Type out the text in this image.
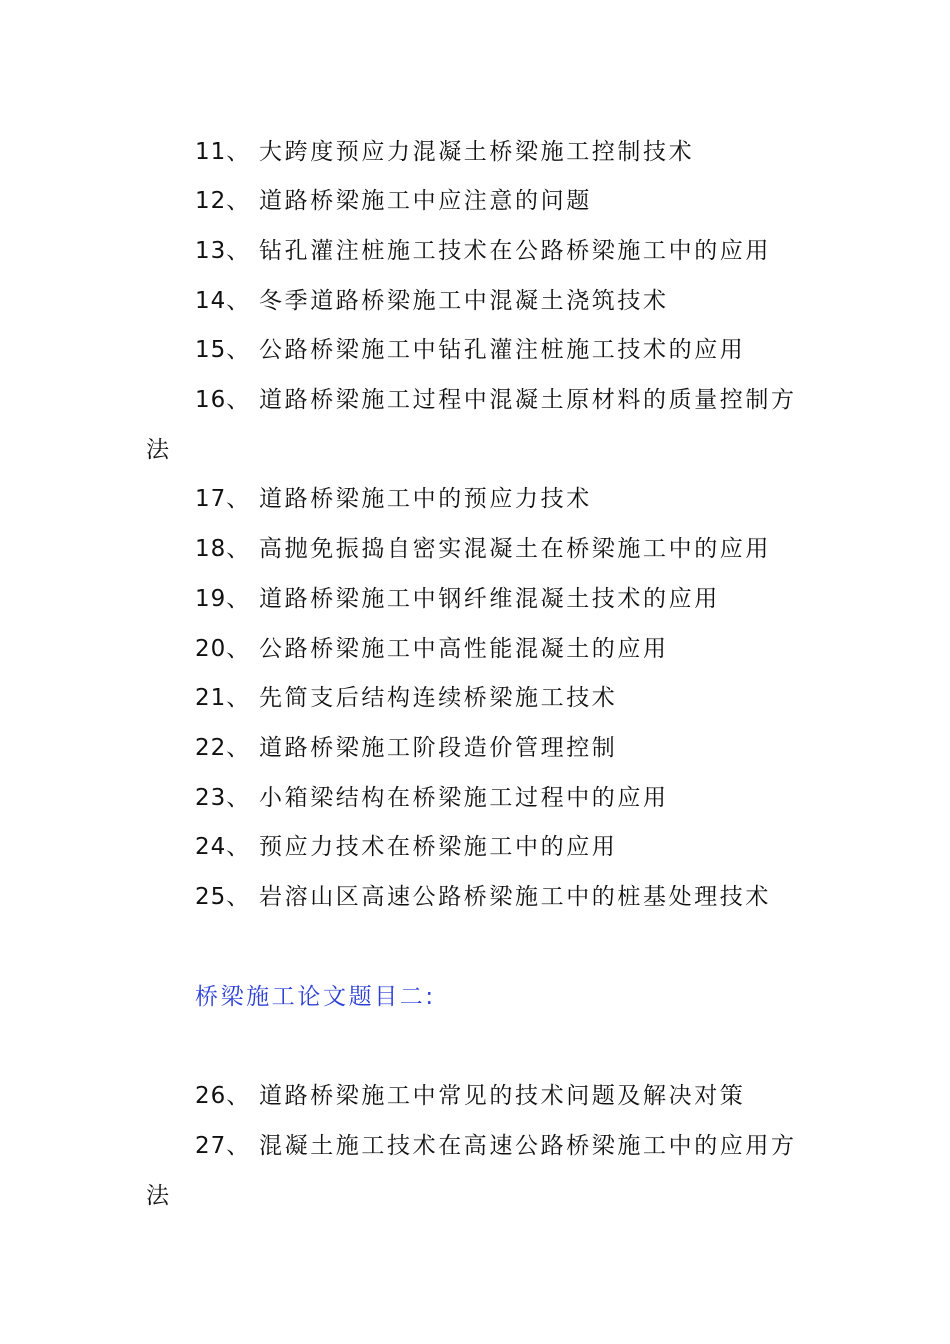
11、 大跨度预应力混凝土桥梁施工控制技术
12、 道路桥梁施工中应注意的问题
13、 钻孔灌注桩施工技术在公路桥梁施工中的应用
14、 冬季道路桥梁施工中混凝土浇筑技术
15、 公路桥梁施工中钻孔灌注桩施工技术的应用
16、 道路桥梁施工过程中混凝土原材料的质量控制方
法
17、 道路桥梁施工中的预应力技术
18、 高抛免振捣自密实混凝土在桥梁施工中的应用
19、 道路桥梁施工中钢纤维混凝土技术的应用
20、 公路桥梁施工中高性能混凝土的应用
21、 先简支后结构连续桥梁施工技术
22、 道路桥梁施工阶段造价管理控制
23、 小箱梁结构在桥梁施工过程中的应用
24、 预应力技术在桥梁施工中的应用
25、 岩溶山区高速公路桥梁施工中的桩基处理技术
桥梁施工论文题目二:
26、 道路桥梁施工中常见的技术问题及解决对策
27、 混凝土施工技术在高速公路桥梁施工中的应用方
法
